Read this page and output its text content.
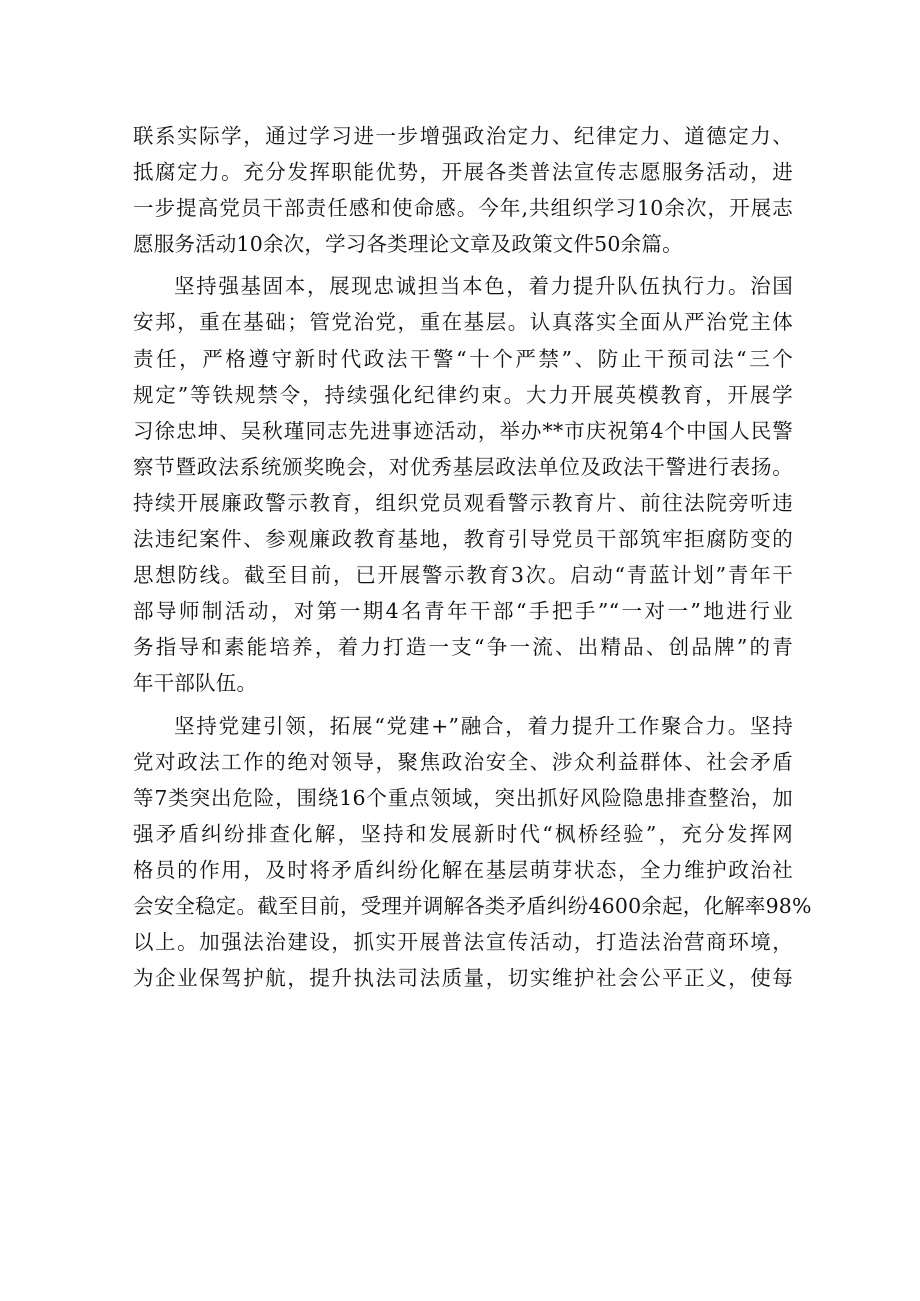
联系实际学，通过学习进一步增强政治定力、纪律定力、道德定力、
抵腐定力。充分发挥职能优势，开展各类普法宣传志愿服务活动，进
一步提高党员干部责任感和使命感。今年,共组织学习10余次，开展志
愿服务活动10余次，学习各类理论文章及政策文件50余篇。
坚持强基固本，展现忠诚担当本色，着力提升队伍执行力。治国
安邦，重在基础；管党治党，重在基层。认真落实全面从严治党主体
责任，严格遵守新时代政法干警“十个严禁”、防止干预司法“三个
规定”等铁规禁令，持续强化纪律约束。大力开展英模教育，开展学
习徐忠坤、吴秋瑾同志先进事迹活动，举办**市庆祝第4个中国人民警
察节暨政法系统颁奖晚会，对优秀基层政法单位及政法干警进行表扬。
持续开展廉政警示教育，组织党员观看警示教育片、前往法院旁听违
法违纪案件、参观廉政教育基地，教育引导党员干部筑牢拒腐防变的
思想防线。截至目前，已开展警示教育3次。启动“青蓝计划”青年干
部导师制活动，对第一期4名青年干部“手把手”“一对一”地进行业
务指导和素能培养，着力打造一支“争一流、出精品、创品牌”的青
年干部队伍。
坚持党建引领，拓展“党建+”融合，着力提升工作聚合力。坚持
党对政法工作的绝对领导，聚焦政治安全、涉众利益群体、社会矛盾
等7类突出危险，围绕16个重点领域，突出抓好风险隐患排查整治，加
强矛盾纠纷排查化解，坚持和发展新时代“枫桥经验”，充分发挥网
格员的作用，及时将矛盾纠纷化解在基层萌芽状态，全力维护政治社
会安全稳定。截至目前，受理并调解各类矛盾纠纷4600余起，化解率98%
以上。加强法治建设，抓实开展普法宣传活动，打造法治营商环境，
为企业保驾护航，提升执法司法质量，切实维护社会公平正义，使每
